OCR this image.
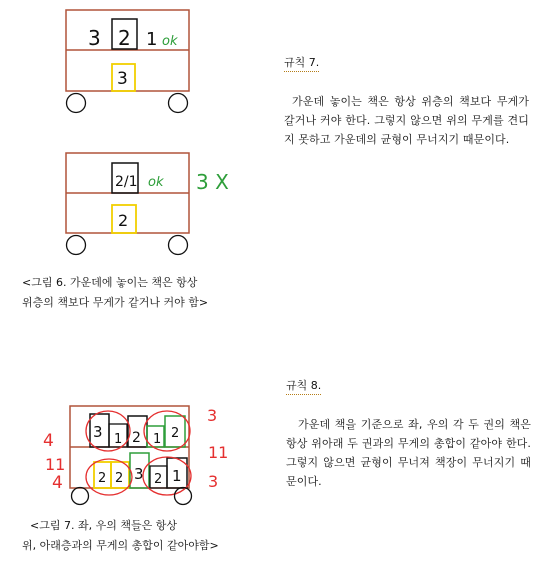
3 2 1 ok
3
2/1 ok 3 X
2
3 1 2 1 2
2 2 3 2 1
4
11
4
3
11
3
규칙 7.
가운데 놓이는 책은 항상 위층의 책보다 무게가 갈거나 커야 한다. 그렇지 않으면 위의 무게를 견디지 못하고 가운데의 균형이 무너지기 때문이다.
<그림 6. 가운데에 놓이는 책은 항상
위층의 책보다 무게가 같거나 커야 함>
규칙 8.
가운데 책을 기준으로 좌, 우의 각 두 권의 책은 항상 위아래 두 권과의 무게의 총합이 같아야 한다. 그렇지 않으면 균형이 무너져 책장이 무너지기 때문이다.
<그림 7. 좌, 우의 책들은 항상
위, 아래층과의 무게의 총합이 같아야함>
